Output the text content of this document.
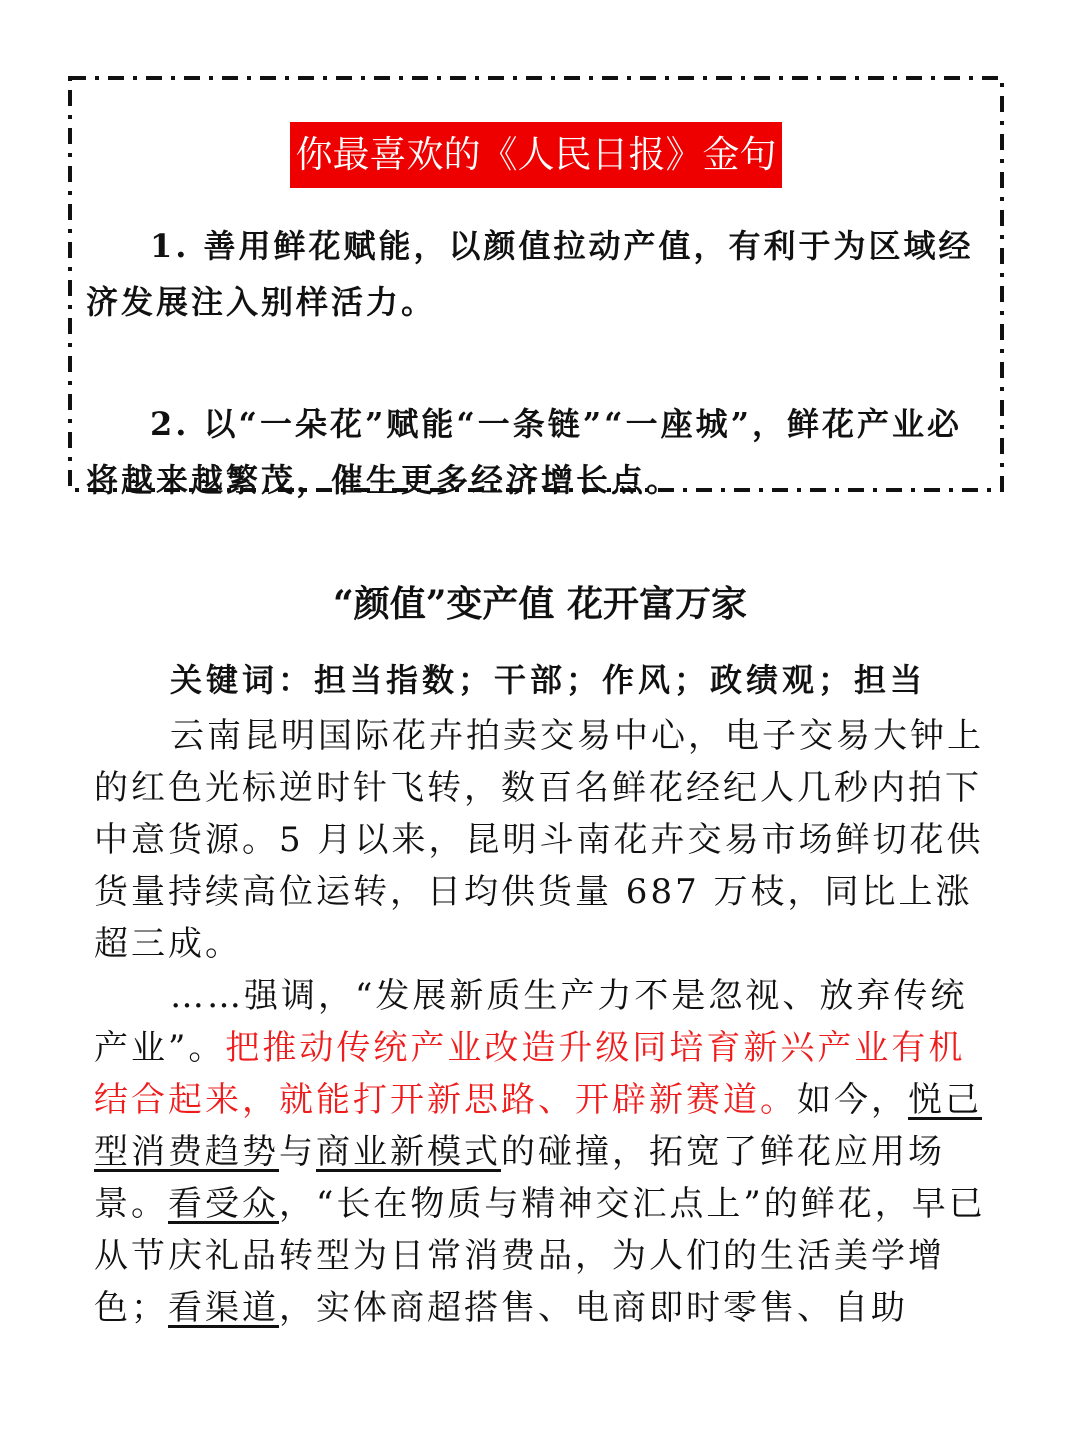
你最喜欢的《人民日报》金句
1. 善用鲜花赋能，以颜值拉动产值，有利于为区域经济发展注入别样活力。
2. 以“一朵花”赋能“一条链”“一座城”，鲜花产业必将越来越繁茂，催生更多经济增长点。
“颜值”变产值 花开富万家
关键词：担当指数；干部；作风；政绩观；担当

云南昆明国际花卉拍卖交易中心，电子交易大钟上的红色光标逆时针飞转，数百名鲜花经纪人几秒内拍下中意货源。5 月以来，昆明斗南花卉交易市场鲜切花供货量持续高位运转，日均供货量 687 万枝，同比上涨超三成。

……强调，“发展新质生产力不是忽视、放弃传统产业”。把推动传统产业改造升级同培育新兴产业有机结合起来，就能打开新思路、开辟新赛道。如今，悦己型消费趋势与商业新模式的碰撞，拓宽了鲜花应用场景。看受众，“长在物质与精神交汇点上”的鲜花，早已从节庆礼品转型为日常消费品，为人们的生活美学增色；看渠道，实体商超搭售、电商即时零售、自助
